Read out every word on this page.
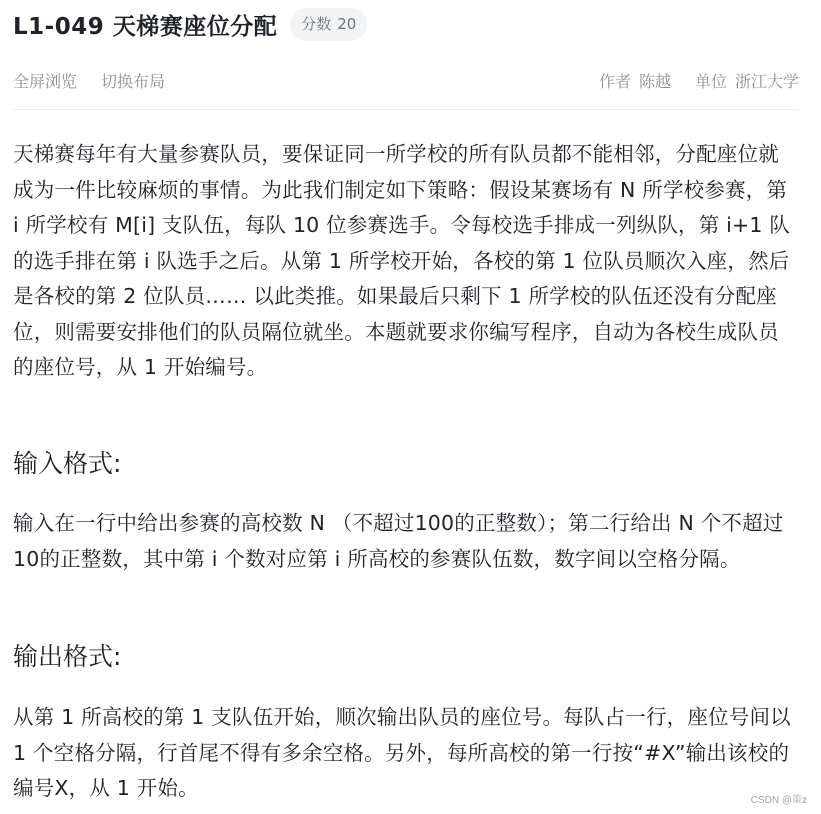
L1-049 天梯赛座位分配 分数 20
全屏浏览 切换布局	作者 陈越 单位 浙江大学

天梯赛每年有大量参赛队员，要保证同一所学校的所有队员都不能相邻，分配座位就成为一件比较麻烦的事情。为此我们制定如下策略：假设某赛场有 N 所学校参赛，第 i 所学校有 M[i] 支队伍，每队 10 位参赛选手。令每校选手排成一列纵队，第 i+1 队的选手排在第 i 队选手之后。从第 1 所学校开始，各校的第 1 位队员顺次入座，然后是各校的第 2 位队员…… 以此类推。如果最后只剩下 1 所学校的队伍还没有分配座位，则需要安排他们的队员隔位就坐。本题就要求你编写程序，自动为各校生成队员的座位号，从 1 开始编号。

输入格式:

输入在一行中给出参赛的高校数 N （不超过100的正整数）；第二行给出 N 个不超过10的正整数，其中第 i 个数对应第 i 所高校的参赛队伍数，数字间以空格分隔。

输出格式:

从第 1 所高校的第 1 支队伍开始，顺次输出队员的座位号。每队占一行，座位号间以 1 个空格分隔，行首尾不得有多余空格。另外，每所高校的第一行按“#X”输出该校的编号X，从 1 开始。

CSDN @策z
